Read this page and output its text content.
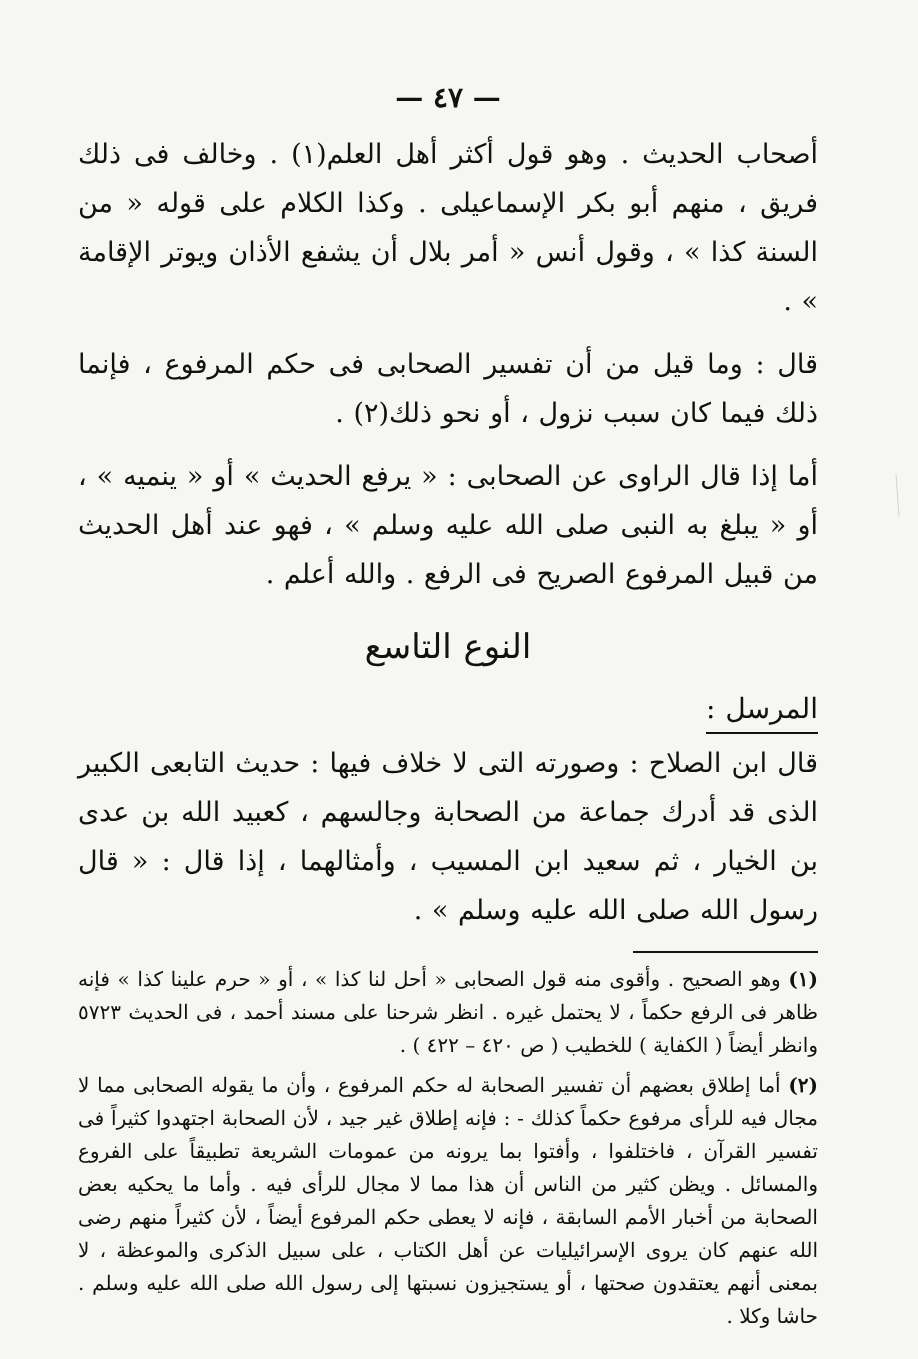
— ٤٧ —

أصحاب الحديث . وهو قول أكثر أهل العلم(١) . وخالف فى ذلك فريق ، منهم أبو بكر الإسماعيلى . وكذا الكلام على قوله « من السنة كذا » ، وقول أنس « أمر بلال أن يشفع الأذان ويوتر الإقامة » .

قال : وما قيل من أن تفسير الصحابى فى حكم المرفوع ، فإنما ذلك فيما كان سبب نزول ، أو نحو ذلك(٢) .

أما إذا قال الراوى عن الصحابى : « يرفع الحديث » أو « ينميه » ، أو « يبلغ به النبى صلى الله عليه وسلم » ، فهو عند أهل الحديث من قبيل المرفوع الصريح فى الرفع . والله أعلم .

النوع التاسع
المرسل :

قال ابن الصلاح : وصورته التى لا خلاف فيها : حديث التابعى الكبير الذى قد أدرك جماعة من الصحابة وجالسهم ، كعبيد الله بن عدى بن الخيار ، ثم سعيد ابن المسيب ، وأمثالهما ، إذا قال : « قال رسول الله صلى الله عليه وسلم » .

(١) وهو الصحيح . وأقوى منه قول الصحابى « أحل لنا كذا » ، أو « حرم علينا كذا » فإنه ظاهر فى الرفع حكماً ، لا يحتمل غيره . انظر شرحنا على مسند أحمد ، فى الحديث ٥٧٢٣ وانظر أيضاً ( الكفاية ) للخطيب ( ص ٤٢٠ – ٤٢٢ ) .

(٢) أما إطلاق بعضهم أن تفسير الصحابة له حكم المرفوع ، وأن ما يقوله الصحابى مما لا مجال فيه للرأى مرفوع حكماً كذلك - : فإنه إطلاق غير جيد ، لأن الصحابة اجتهدوا كثيراً فى تفسير القرآن ، فاختلفوا ، وأفتوا بما يرونه من عمومات الشريعة تطبيقاً على الفروع والمسائل . ويظن كثير من الناس أن هذا مما لا مجال للرأى فيه . وأما ما يحكيه بعض الصحابة من أخبار الأمم السابقة ، فإنه لا يعطى حكم المرفوع أيضاً ، لأن كثيراً منهم رضى الله عنهم كان يروى الإسرائيليات عن أهل الكتاب ، على سبيل الذكرى والموعظة ، لا بمعنى أنهم يعتقدون صحتها ، أو يستجيزون نسبتها إلى رسول الله صلى الله عليه وسلم . حاشا وكلا .
